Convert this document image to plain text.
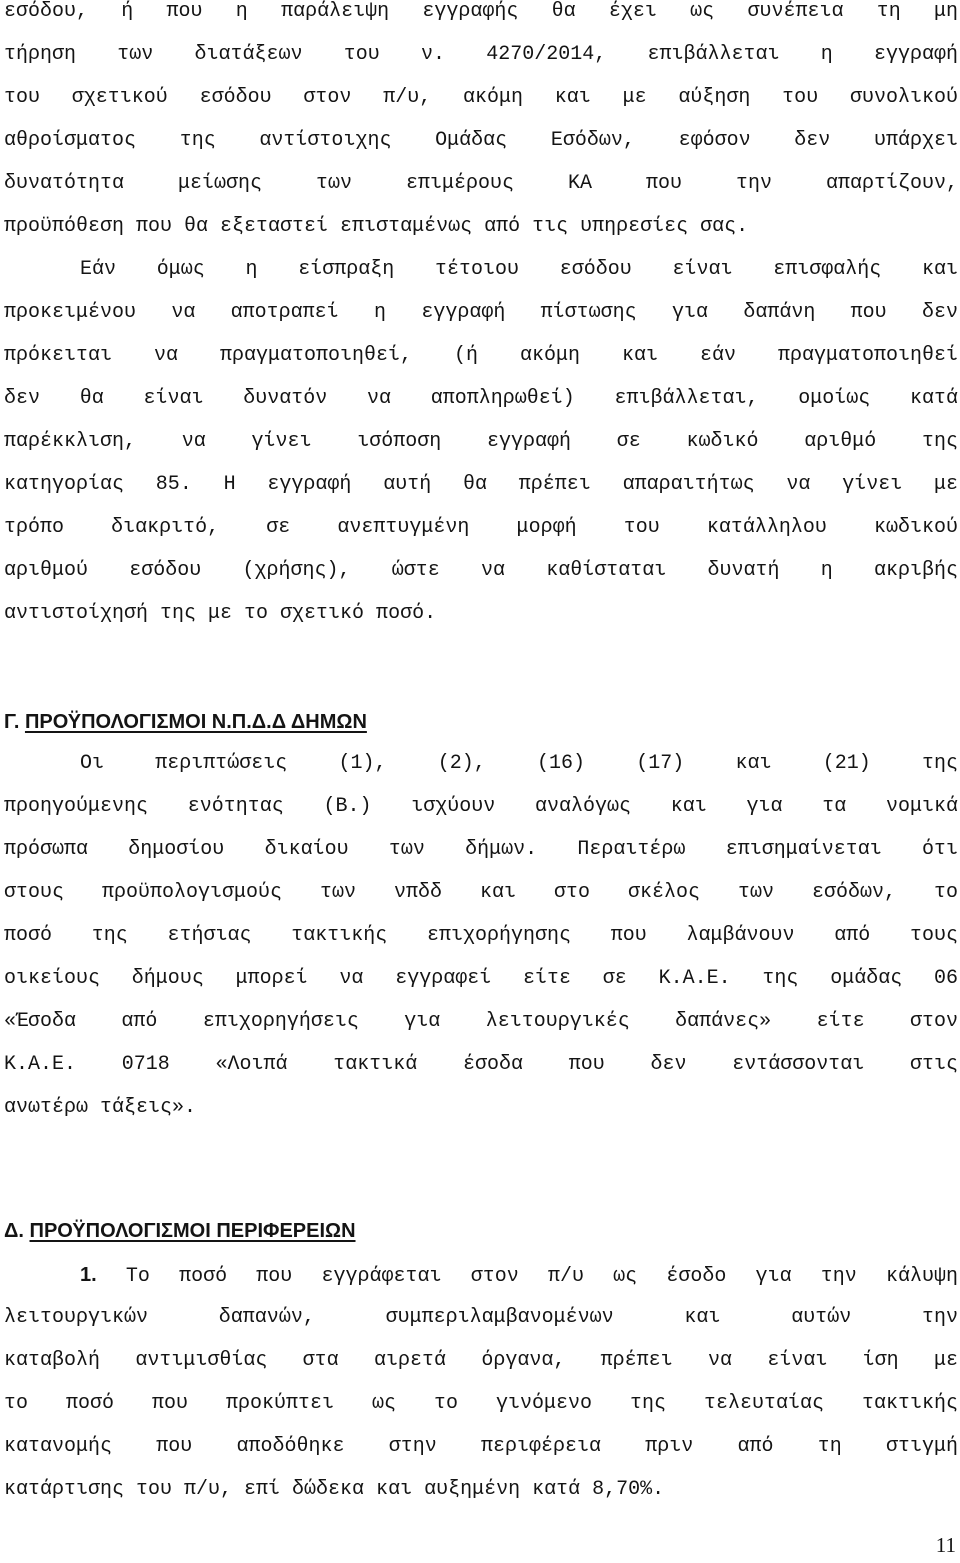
εσόδου, ή που η παράλειψη εγγραφής θα έχει ως συνέπεια τη μη

τήρηση των διατάξεων του ν. 4270/2014, επιβάλλεται η εγγραφή

του σχετικού εσόδου στον π/υ, ακόμη και με αύξηση του συνολικού

αθροίσματος της αντίστοιχης Ομάδας Εσόδων, εφόσον δεν υπάρχει

δυνατότητα μείωσης των επιμέρους ΚΑ που την απαρτίζουν,

προϋπόθεση που θα εξεταστεί επισταμένως από τις υπηρεσίες σας.

Εάν όμως η είσπραξη τέτοιου εσόδου είναι επισφαλής και

προκειμένου να αποτραπεί η εγγραφή πίστωσης για δαπάνη που δεν

πρόκειται να πραγματοποιηθεί, (ή ακόμη και εάν πραγματοποιηθεί

δεν θα είναι δυνατόν να αποπληρωθεί) επιβάλλεται, ομοίως κατά

παρέκκλιση, να γίνει ισόποση εγγραφή σε κωδικό αριθμό της

κατηγορίας 85. Η εγγραφή αυτή θα πρέπει απαραιτήτως να γίνει με

τρόπο διακριτό, σε ανεπτυγμένη μορφή του κατάλληλου κωδικού

αριθμού εσόδου (χρήσης), ώστε να καθίσταται δυνατή η ακριβής

αντιστοίχησή της με το σχετικό ποσό.

Γ. ΠΡΟΫΠΟΛΟΓΙΣΜΟΙ Ν.Π.Δ.Δ ΔΗΜΩΝ

Οι περιπτώσεις (1), (2), (16) (17) και (21) της

προηγούμενης ενότητας (Β.) ισχύουν αναλόγως και για τα νομικά

πρόσωπα δημοσίου δικαίου των δήμων. Περαιτέρω επισημαίνεται ότι

στους προϋπολογισμούς των νπδδ και στο σκέλος των εσόδων, το

ποσό της ετήσιας τακτικής επιχορήγησης που λαμβάνουν από τους

οικείους δήμους μπορεί να εγγραφεί είτε σε Κ.Α.Ε. της ομάδας 06

«Έσοδα από επιχορηγήσεις για λειτουργικές δαπάνες» είτε στον

Κ.Α.Ε. 0718 «Λοιπά τακτικά έσοδα που δεν εντάσσονται στις

ανωτέρω τάξεις».

Δ. ΠΡΟΫΠΟΛΟΓΙΣΜΟΙ ΠΕΡΙΦΕΡΕΙΩΝ

1. Το ποσό που εγγράφεται στον π/υ ως έσοδο για την κάλυψη

λειτουργικών δαπανών, συμπεριλαμβανομένων και αυτών την

καταβολή αντιμισθίας στα αιρετά όργανα, πρέπει να είναι ίση με

το ποσό που προκύπτει ως το γινόμενο της τελευταίας τακτικής

κατανομής που αποδόθηκε στην περιφέρεια πριν από τη στιγμή

κατάρτισης του π/υ, επί δώδεκα και αυξημένη κατά 8,70%.

11
